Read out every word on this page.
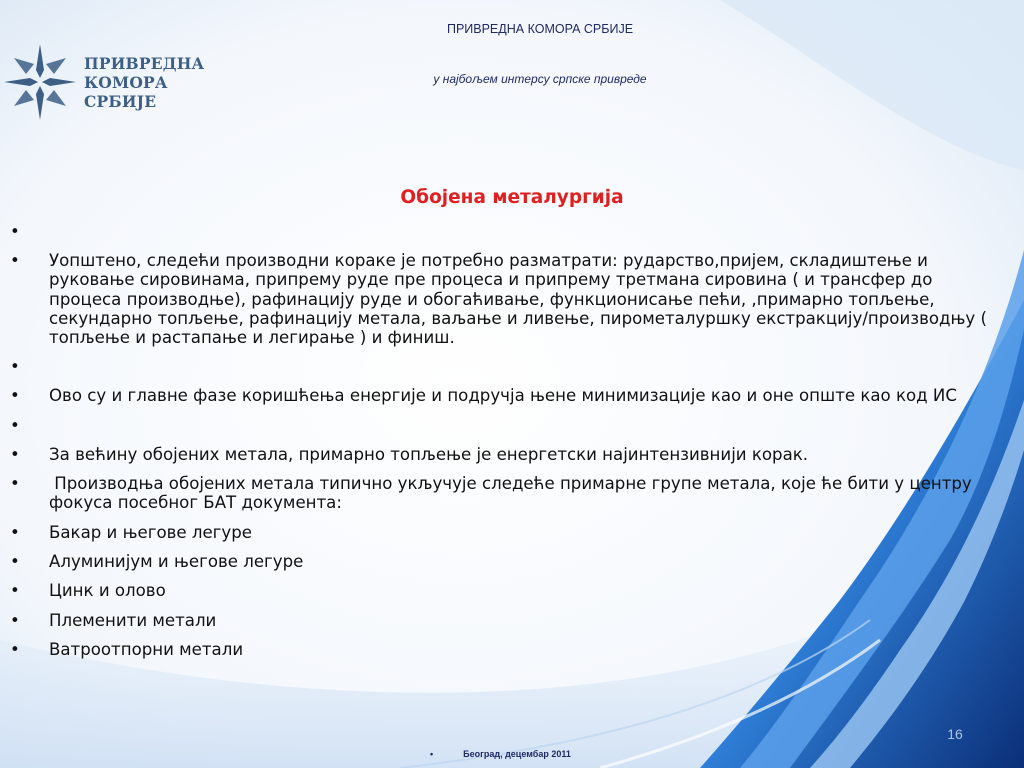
ПРИВРЕДНА
КОМОРА
СРБИЈЕ
ПРИВРЕДНА КОМОРА СРБИЈЕ
у најбољем интерсу српске привреде
Обојена металургија
•
•	Уопштено, следећи производни кораке је потребно разматрати: рударство,пријем, складиштење и руковање сировинама, припрему руде пре процеса и припрему третмана сировина ( и трансфер до процеса производње), рафинацију руде и обогаћивање, функционисање пећи, ,примарно топљење, секундарно топљење, рафинацију метала, ваљање и ливење, пирометалуршку екстракцију/производњу ( топљење и растапање и легирање ) и финиш.
•
•	Ово су и главне фазе коришћења енергије и подручја њене минимизације као и оне опште као код ИС
•
•	За већину обојених метала, примарно топљење је енергетски најинтензивнији корак.
•	Производња обојених метала типично укључује следеће примарне групе метала, које ће бити у центру фокуса посебног БАТ документа:
•	Бакар и његове легуре
•	Алуминијум и његове легуре
•	Цинк и олово
•	Племенити метали
•	Ватроотпорни метали
16
•	Београд, децембар 2011
